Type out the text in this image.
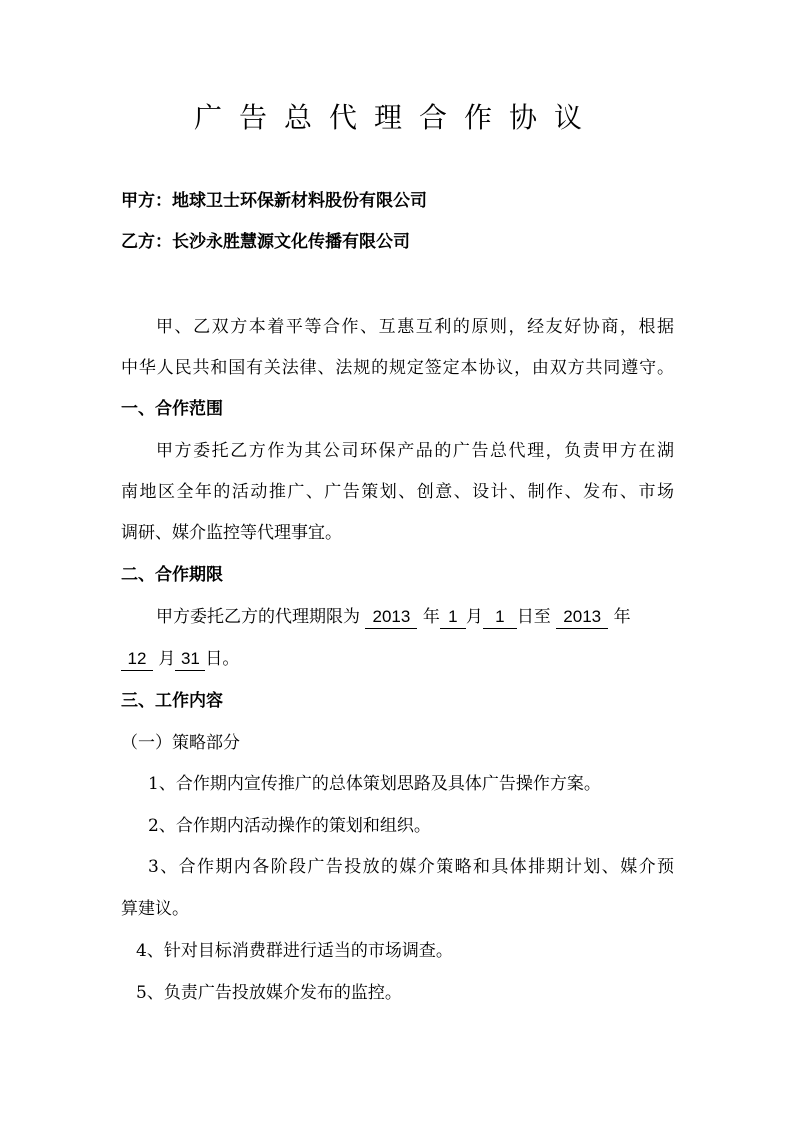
广告总代理合作协议
甲方：地球卫士环保新材料股份有限公司
乙方：长沙永胜慧源文化传播有限公司
甲、乙双方本着平等合作、互惠互利的原则，经友好协商，根据
中华人民共和国有关法律、法规的规定签定本协议，由双方共同遵守。
一、合作范围
甲方委托乙方作为其公司环保产品的广告总代理，负责甲方在湖
南地区全年的活动推广、广告策划、创意、设计、制作、发布、市场
调研、媒介监控等代理事宜。
二、合作期限
甲方委托乙方的代理期限为 2013 年 1 月 1 日至 2013 年
12 月 31 日。
三、工作内容
（一）策略部分
1、合作期内宣传推广的总体策划思路及具体广告操作方案。
2、合作期内活动操作的策划和组织。
3、合作期内各阶段广告投放的媒介策略和具体排期计划、媒介预
算建议。
4、针对目标消费群进行适当的市场调查。
5、负责广告投放媒介发布的监控。
